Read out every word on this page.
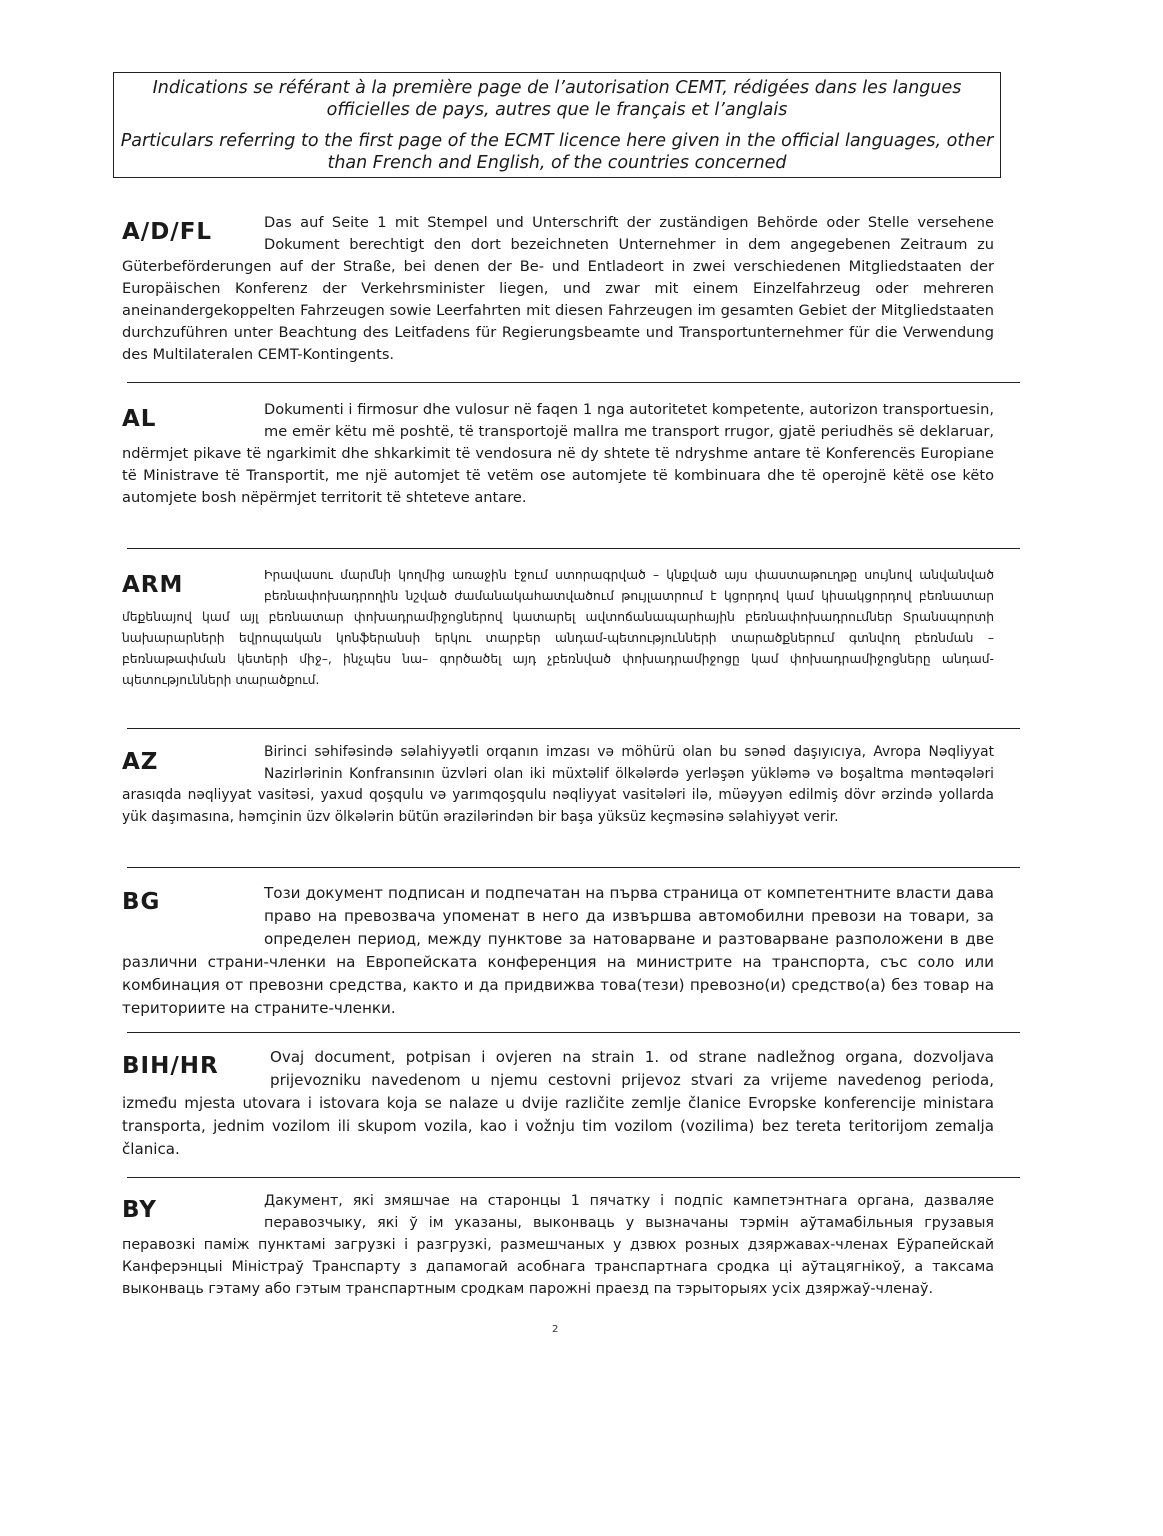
Indications se référant à la première page de l’autorisation CEMT, rédigées dans les langues officielles de pays, autres que le français et l’anglais

Particulars referring to the first page of the ECMT licence here given in the official languages, other than French and English, of the countries concerned

A/D/FL	Das auf Seite 1 mit Stempel und Unterschrift der zuständigen Behörde oder Stelle versehene Dokument berechtigt den dort bezeichneten Unternehmer in dem angegebenen Zeitraum zu Güterbeförderungen auf der Straße, bei denen der Be- und Entladeort in zwei verschiedenen Mitgliedstaaten der Europäischen Konferenz der Verkehrsminister liegen, und zwar mit einem Einzelfahrzeug oder mehreren aneinandergekoppelten Fahrzeugen sowie Leerfahrten mit diesen Fahrzeugen im gesamten Gebiet der Mitgliedstaaten durchzuführen unter Beachtung des Leitfadens für Regierungsbeamte und Transportunternehmer für die Verwendung des Multilateralen CEMT-Kontingents.

AL	Dokumenti i firmosur dhe vulosur në faqen 1 nga autoritetet kompetente, autorizon transportuesin, me emër këtu më poshtë, të transportojë mallra me transport rrugor, gjatë periudhës së deklaruar, ndërmjet pikave të ngarkimit dhe shkarkimit të vendosura në dy shtete të ndryshme antare të Konferencës Europiane të Ministrave të Transportit, me një automjet të vetëm ose automjete të kombinuara dhe të operojnë këtë ose këto automjete bosh nëpërmjet territorit të shteteve antare.

ARM	Իրավասու մարմնի կողմից առաջին էջում ստորագրված – կնքված այս փաստաթուղթը սույնով անվանված բեռնափոխադրողին նշված ժամանակահատվածում թույլատրում է կցորդով կամ կիսակցորդով բեռնատար մեքենայով կամ այլ բեռնատար փոխադրամիջոցներով կատարել ավտոճանապարհային բեռնափոխադրումներ Տրանսպորտի նախարարների եվրոպական կոնֆերանսի երկու տարբեր անդամ-պետությունների տարածքներում գտնվող բեռնման – բեռնաթափման կետերի միջ–, ինչպես նա– գործածել այդ չբեռնված փոխադրամիջոցը կամ փոխադրամիջոցները անդամ-պետությունների տարածքում.

AZ	Birinci səhifəsində səlahiyyətli orqanın imzası və möhürü olan bu sənəd daşıyıcıya, Avropa Nəqliyyat Nazirlərinin Konfransının üzvləri olan iki müxtəlif ölkələrdə yerləşən yükləmə və boşaltma məntəqələri arasıqda nəqliyyat vasitəsi, yaxud qoşqulu və yarımqoşqulu nəqliyyat vasitələri ilə, müəyyən edilmiş dövr ərzində yollarda yük daşımasına, həmçinin üzv ölkələrin bütün ərazilərindən bir başa yüksüz keçməsinə səlahiyyət verir.

BG	Този документ подписан и подпечатан на първа страница от компетентните власти дава право на превозвача упоменат в него да извършва автомобилни превози на товари, за определен период, между пунктове за натоварване и разтоварване разположени в две различни страни-членки на Европейската конференция на министрите на транспорта, със соло или комбинация от превозни средства, както и да придвижва това(тези) превозно(и) средство(а) без товар на териториите на страните-членки.

BIH/HR	Ovaj document, potpisan i ovjeren na strain 1. od strane nadležnog organa, dozvoljava prijevozniku navedenom u njemu cestovni prijevoz stvari za vrijeme navedenog perioda, između mjesta utovara i istovara koja se nalaze u dvije različite zemlje članice Evropske konferencije ministara transporta, jednim vozilom ili skupom vozila, kao i vožnju tim vozilom (vozilima) bez tereta teritorijom zemalja članica.

BY	Дакумент, які змяшчае на старонцы 1 пячатку і подпіс кампетэнтнага органа, дазваляе перавозчыку, які ў ім указаны, выконваць у вызначаны тэрмін аўтамабільныя грузавыя перавозкі паміж пунктамі загрузкі і разгрузкі, размешчаных у дзвюх розных дзяржавах-членах Еўрапейскай Канферэнцыі Міністраў Транспарту з дапамогай асобнага транспартнага сродка ці аўтацягнікоў, а таксама выконваць гэтаму або гэтым транспартным сродкам парожні праезд па тэрыторыях усіх дзяржаў-членаў.

2
